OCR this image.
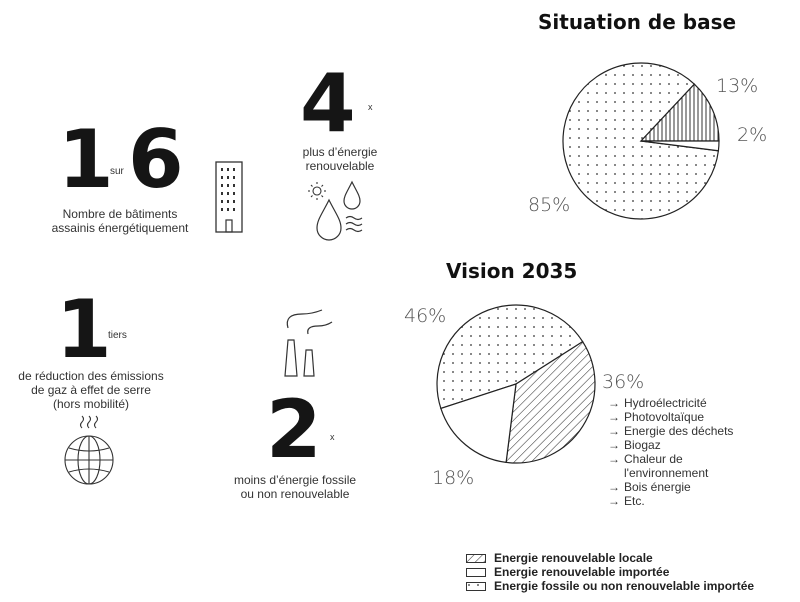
1
sur 6
Nombre de bâtiments
assainis énergétiquement
4 x
plus d’énergie
renouvelable
1
tiers
de réduction des émissions
de gaz à effet de serre
(hors mobilité)	2 x
moins d’énergie fossile
ou non renouvelable
Situation de base
13%
2%
85%
Vision 2035
46%
36%
18%
→ Hydroélectricité
→ Photovoltaïque
→ Energie des déchets
→ Biogaz
→ Chaleur de l'environnement
→ Bois énergie
→ Etc.
Energie renouvelable locale
Energie renouvelable importée
Energie fossile ou non renouvelable importée
